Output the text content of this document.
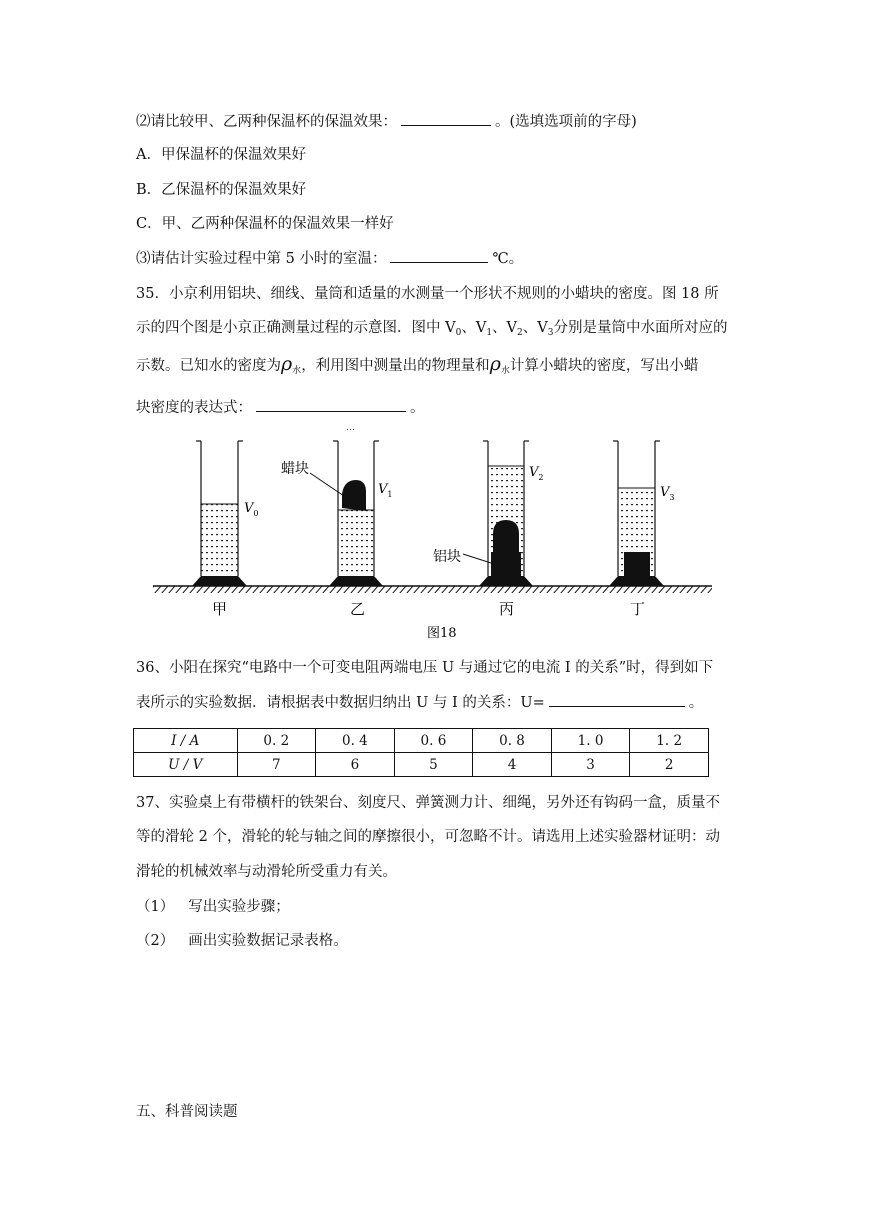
⑵请比较甲、乙两种保温杯的保温效果：	。(选填选项前的字母)
A．甲保温杯的保温效果好
B．乙保温杯的保温效果好
C．甲、乙两种保温杯的保温效果一样好
⑶请估计实验过程中第 5 小时的室温：	℃。
35．小京利用铝块、细线、量筒和适量的水测量一个形状不规则的小蜡块的密度。图 18 所
示的四个图是小京正确测量过程的示意图．图中 $V_0$、$V_1$、$V_2$、$V_3$分别是量筒中水面所对应的
示数。已知水的密度为$\rho_水$，利用图中测量出的物理量和$\rho_水$计算小蜡块的密度，写出小蜡
块密度的表达式：	。
…
$V_0$
蜡块
$V_1$
铝块
$V_2$
$V_3$
甲	乙	丙	丁
图18
36、小阳在探究“电路中一个可变电阻两端电压 U 与通过它的电流 I 的关系”时，得到如下
表所示的实验数据．请根据表中数据归纳出 U 与 I 的关系：U=	。
I / A	0. 2	0. 4	0. 6	0. 8	1. 0	1. 2
U / V	7	6	5	4	3	2
37、实验桌上有带横杆的铁架台、刻度尺、弹簧测力计、细绳，另外还有钩码一盒，质量不
等的滑轮 2 个，滑轮的轮与轴之间的摩擦很小，可忽略不计。请选用上述实验器材证明：动
滑轮的机械效率与动滑轮所受重力有关。
（1） 写出实验步骤；
（2） 画出实验数据记录表格。
五、科普阅读题
